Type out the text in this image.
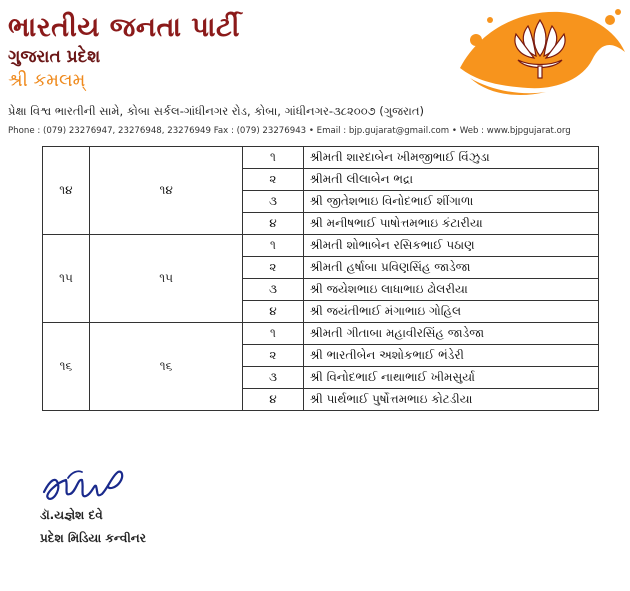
ભારતીય જનતા પાર્ટી
ગુજરાત પ્રદેશ
શ્રી કમલમ્
પ્રેક્ષા વિશ્વ ભારતીની સામે, કોબા સર્કલ-ગાંધીનગર રોડ, કોબા, ગાંધીનગર-૩૮૨૦૦૭ (ગુજરાત)
Phone : (079) 23276947, 23276948, 23276949 Fax : (079) 23276943 • Email : bjp.gujarat@gmail.com • Web : www.bjpgujarat.org
૧૪	૧૪	૧	શ્રીમતી શારદાબેન ખીમજીભાઈ વિંઝુડા
		૨	શ્રીમતી લીલાબેન ભદ્રા
		૩	શ્રી જીતેશભાઇ વિનોદભાઈ શીંગાળા
		૪	શ્રી મનીષભાઈ પાષોત્તમભાઇ કંટારીયા
૧૫	૧૫	૧	શ્રીમતી શોભાબેન રસિકભાઈ પઠાણ
		૨	શ્રીમતી હર્ષાબા પ્રવિણસિંહ જાડેજા
		૩	શ્રી જયેશભાઇ લાધાભાઇ ઢોલરીયા
		૪	શ્રી જયંતીભાઈ મંગાભાઇ ગોહિલ
૧૬	૧૬	૧	શ્રીમતી ગીતાબા મહાવીરસિંહ જાડેજા
		૨	શ્રી ભારતીબેન અશોકભાઈ ભંડેરી
		૩	શ્રી વિનોદભાઈ નાથાભાઈ ખીમસુર્યા
		૪	શ્રી પાર્થભાઈ પુર્ષોત્તમભાઇ કોટડીયા
ડૉ.યજ્ઞેશ દવે
પ્રદેશ મિડિયા કન્વીનર
